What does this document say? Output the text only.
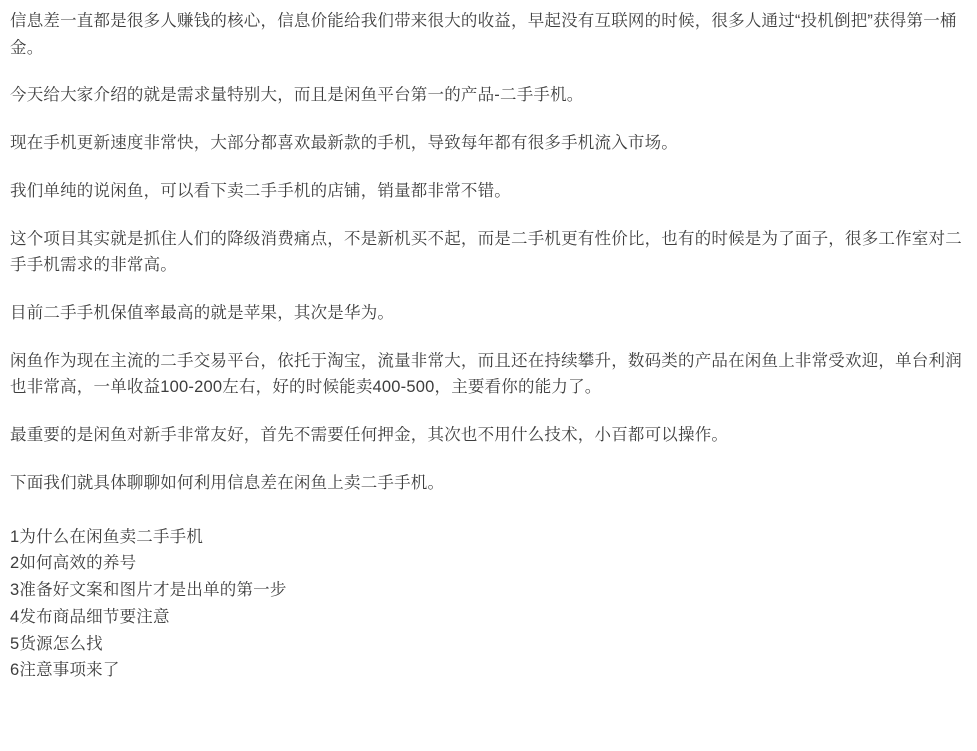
信息差一直都是很多人赚钱的核心，信息价能给我们带来很大的收益，早起没有互联网的时候，很多人通过“投机倒把”获得第一桶金。

今天给大家介绍的就是需求量特别大，而且是闲鱼平台第一的产品-二手手机。

现在手机更新速度非常快，大部分都喜欢最新款的手机，导致每年都有很多手机流入市场。

我们单纯的说闲鱼，可以看下卖二手手机的店铺，销量都非常不错。

这个项目其实就是抓住人们的降级消费痛点，不是新机买不起，而是二手机更有性价比，也有的时候是为了面子，很多工作室对二手手机需求的非常高。

目前二手手机保值率最高的就是苹果，其次是华为。

闲鱼作为现在主流的二手交易平台，依托于淘宝，流量非常大，而且还在持续攀升，数码类的产品在闲鱼上非常受欢迎，单台利润也非常高，一单收益100-200左右，好的时候能卖400-500，主要看你的能力了。

最重要的是闲鱼对新手非常友好，首先不需要任何押金，其次也不用什么技术，小百都可以操作。

下面我们就具体聊聊如何利用信息差在闲鱼上卖二手手机。

1为什么在闲鱼卖二手手机
2如何高效的养号
3准备好文案和图片才是出单的第一步
4发布商品细节要注意
5货源怎么找
6注意事项来了
